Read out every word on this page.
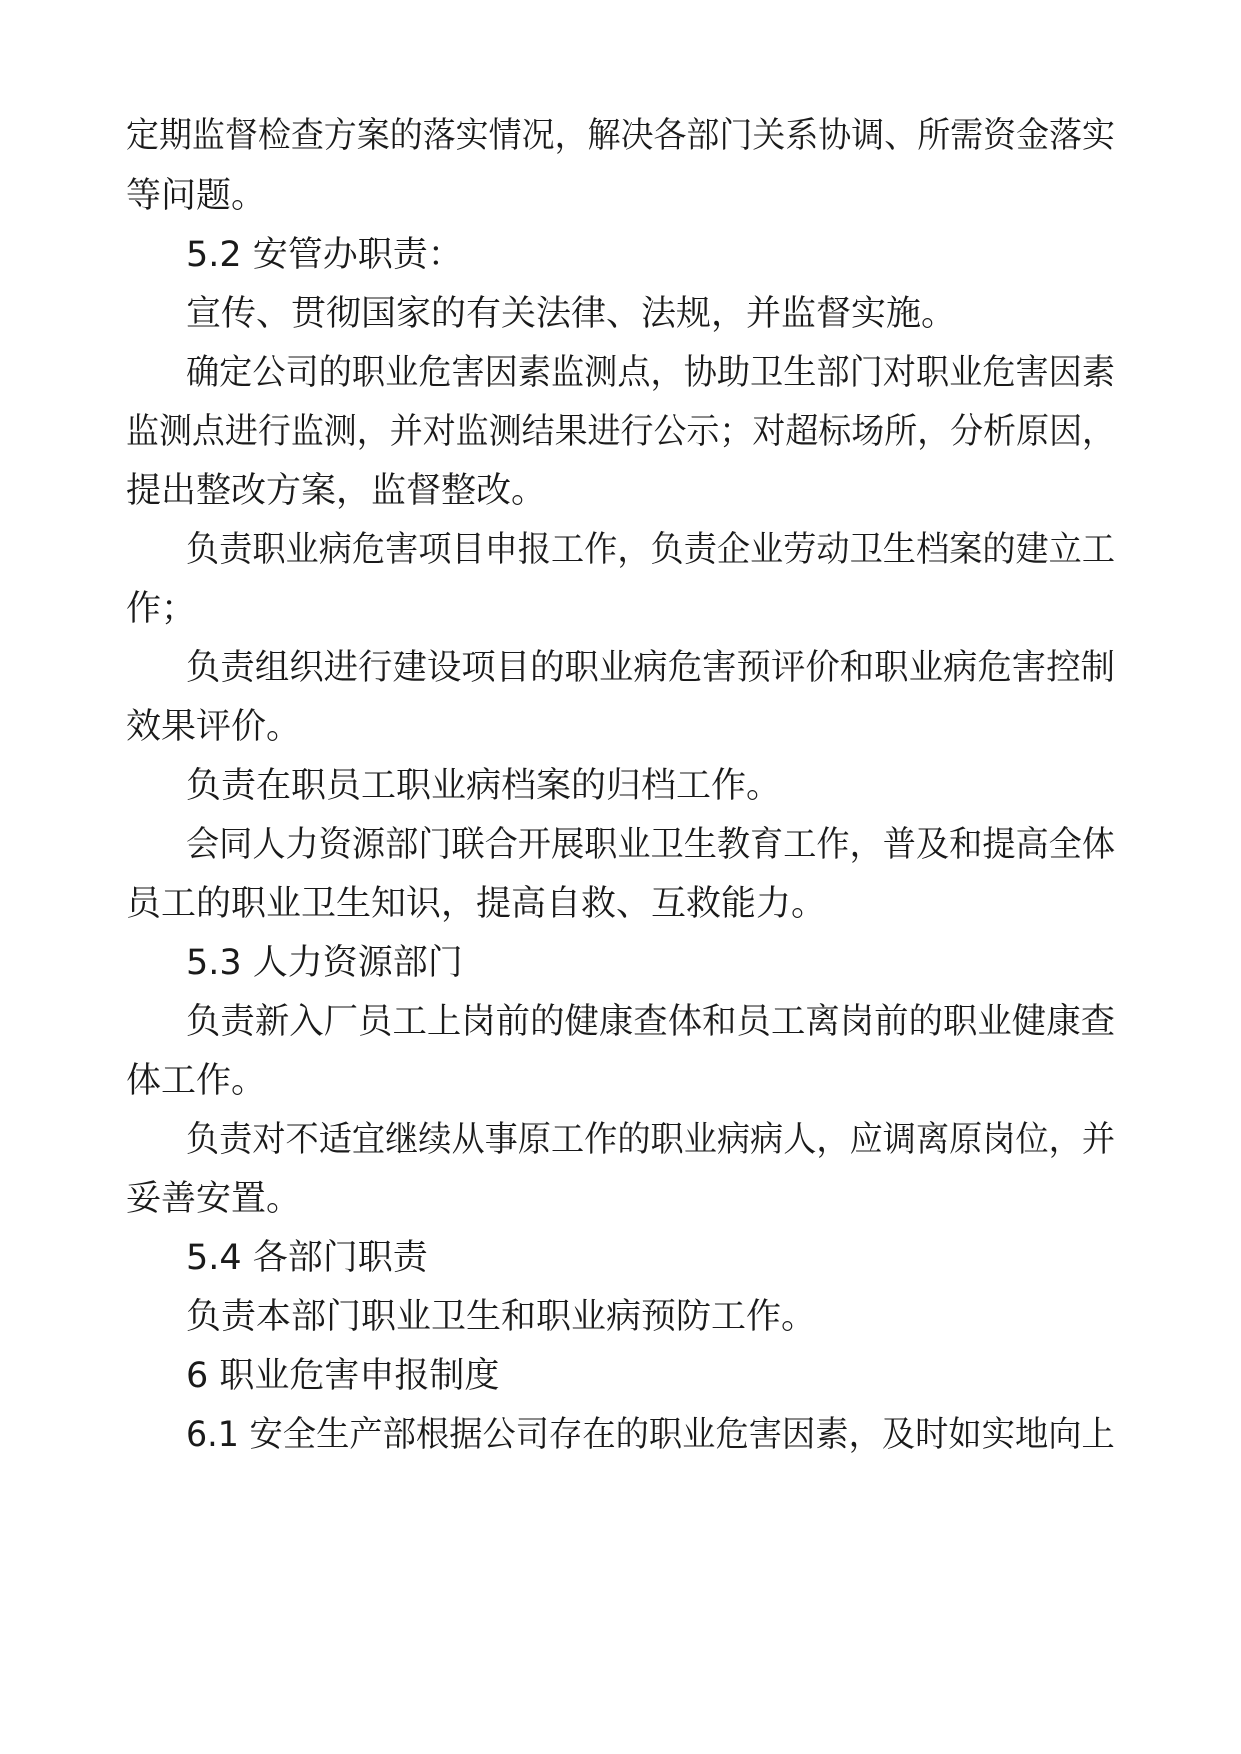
定期监督检查方案的落实情况，解决各部门关系协调、所需资金落实
等问题。
5.2 安管办职责：
宣传、贯彻国家的有关法律、法规，并监督实施。
确定公司的职业危害因素监测点，协助卫生部门对职业危害因素
监测点进行监测，并对监测结果进行公示；对超标场所，分析原因，
提出整改方案，监督整改。
负责职业病危害项目申报工作，负责企业劳动卫生档案的建立工
作；
负责组织进行建设项目的职业病危害预评价和职业病危害控制
效果评价。
负责在职员工职业病档案的归档工作。
会同人力资源部门联合开展职业卫生教育工作，普及和提高全体
员工的职业卫生知识，提高自救、互救能力。
5.3 人力资源部门
负责新入厂员工上岗前的健康查体和员工离岗前的职业健康查
体工作。
负责对不适宜继续从事原工作的职业病病人，应调离原岗位，并
妥善安置。
5.4 各部门职责
负责本部门职业卫生和职业病预防工作。
6 职业危害申报制度
6.1 安全生产部根据公司存在的职业危害因素，及时如实地向上
